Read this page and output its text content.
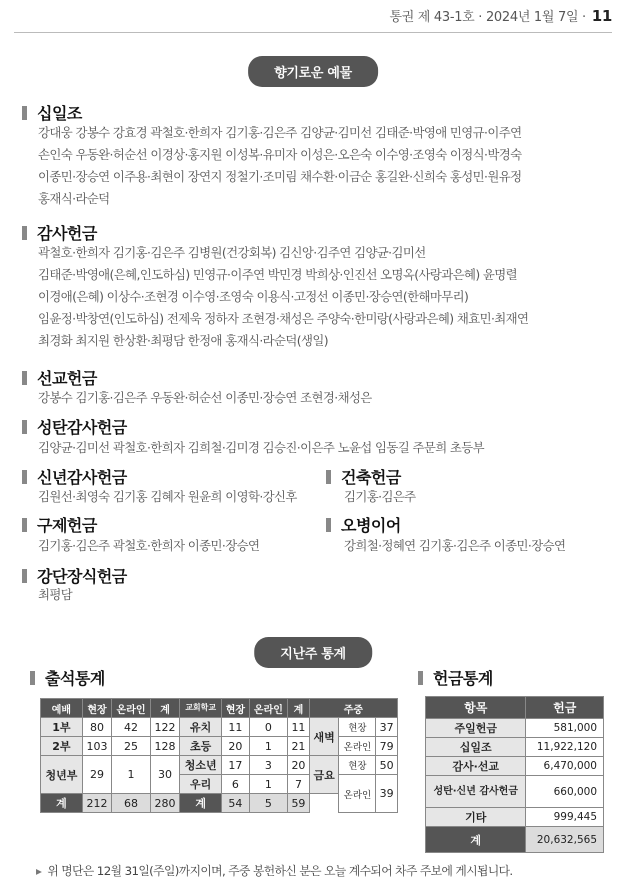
통권 제 43-1호 · 2024년 1월 7일 · 11
향기로운 예물
십일조
강대웅 강봉수 강효경 곽철호·한희자 김기홍·김은주 김양균·김미선 김태준·박영애 민영규·이주연
손인숙 우동완·허순선 이경상·홍지원 이성복·유미자 이성은·오은숙 이수영·조영숙 이정식·박경숙
이종민·장승연 이주용·최현이 장연지 정철기·조미림 채수환·이금순 홍길완·신희숙 홍성민·원유정
홍재식·라순덕
감사헌금
곽철호·한희자 김기홍·김은주 김병원(건강회복) 김신앙·김주연 김양균·김미선
김태준·박영애(은혜,인도하심) 민영규·이주연 박민경 박희상·인진선 오명옥(사랑과은혜) 윤명렬
이경애(은혜) 이상수·조현경 이수영·조영숙 이용식·고정선 이종민·장승연(한해마무리)
임윤정·박창연(인도하심) 전제욱 정하자 조현경·채성은 주양숙·한미랑(사랑과은혜) 채효민·최재연
최경화 최지원 한상환·최평담 한정애 홍재식·라순덕(생일)
선교헌금
강봉수 김기홍·김은주 우동완·허순선 이종민·장승연 조현경·채성은
성탄감사헌금
김양균·김미선 곽철호·한희자 김희철·김미경 김승진·이은주 노윤섭 임동길 주문희 초등부
신년감사헌금
김원선·최영숙 김기홍 김혜자 원윤희 이영학·강신후
건축헌금
김기홍·김은주
구제헌금
김기홍·김은주 곽철호·한희자 이종민·장승연
오병이어
강희철·정혜연 김기홍·김은주 이종민·장승연
강단장식헌금
최평담
지난주 통계
출석통계	헌금통계
예배	현장	온라인	계	교회학교	현장	온라인	계	주중		
1부	80	42	122	유치	11	0	11	새벽	현장	37
2부	103	25	128	초등	20	1	21		온라인	79
청년부	29	1	30	청소년	17	3	20	금요	현장	50
				우리	6	1	7		온라인	39
계	212	68	280	계	54	5	59			
항목	헌금
주일헌금	581,000
십일조	11,922,120
감사·선교	6,470,000
성탄·신년 감사헌금	660,000
기타	999,445
계	20,632,565
▸ 위 명단은 12월 31일(주일)까지이며, 주중 봉헌하신 분은 오늘 계수되어 차주 주보에 게시됩니다.
